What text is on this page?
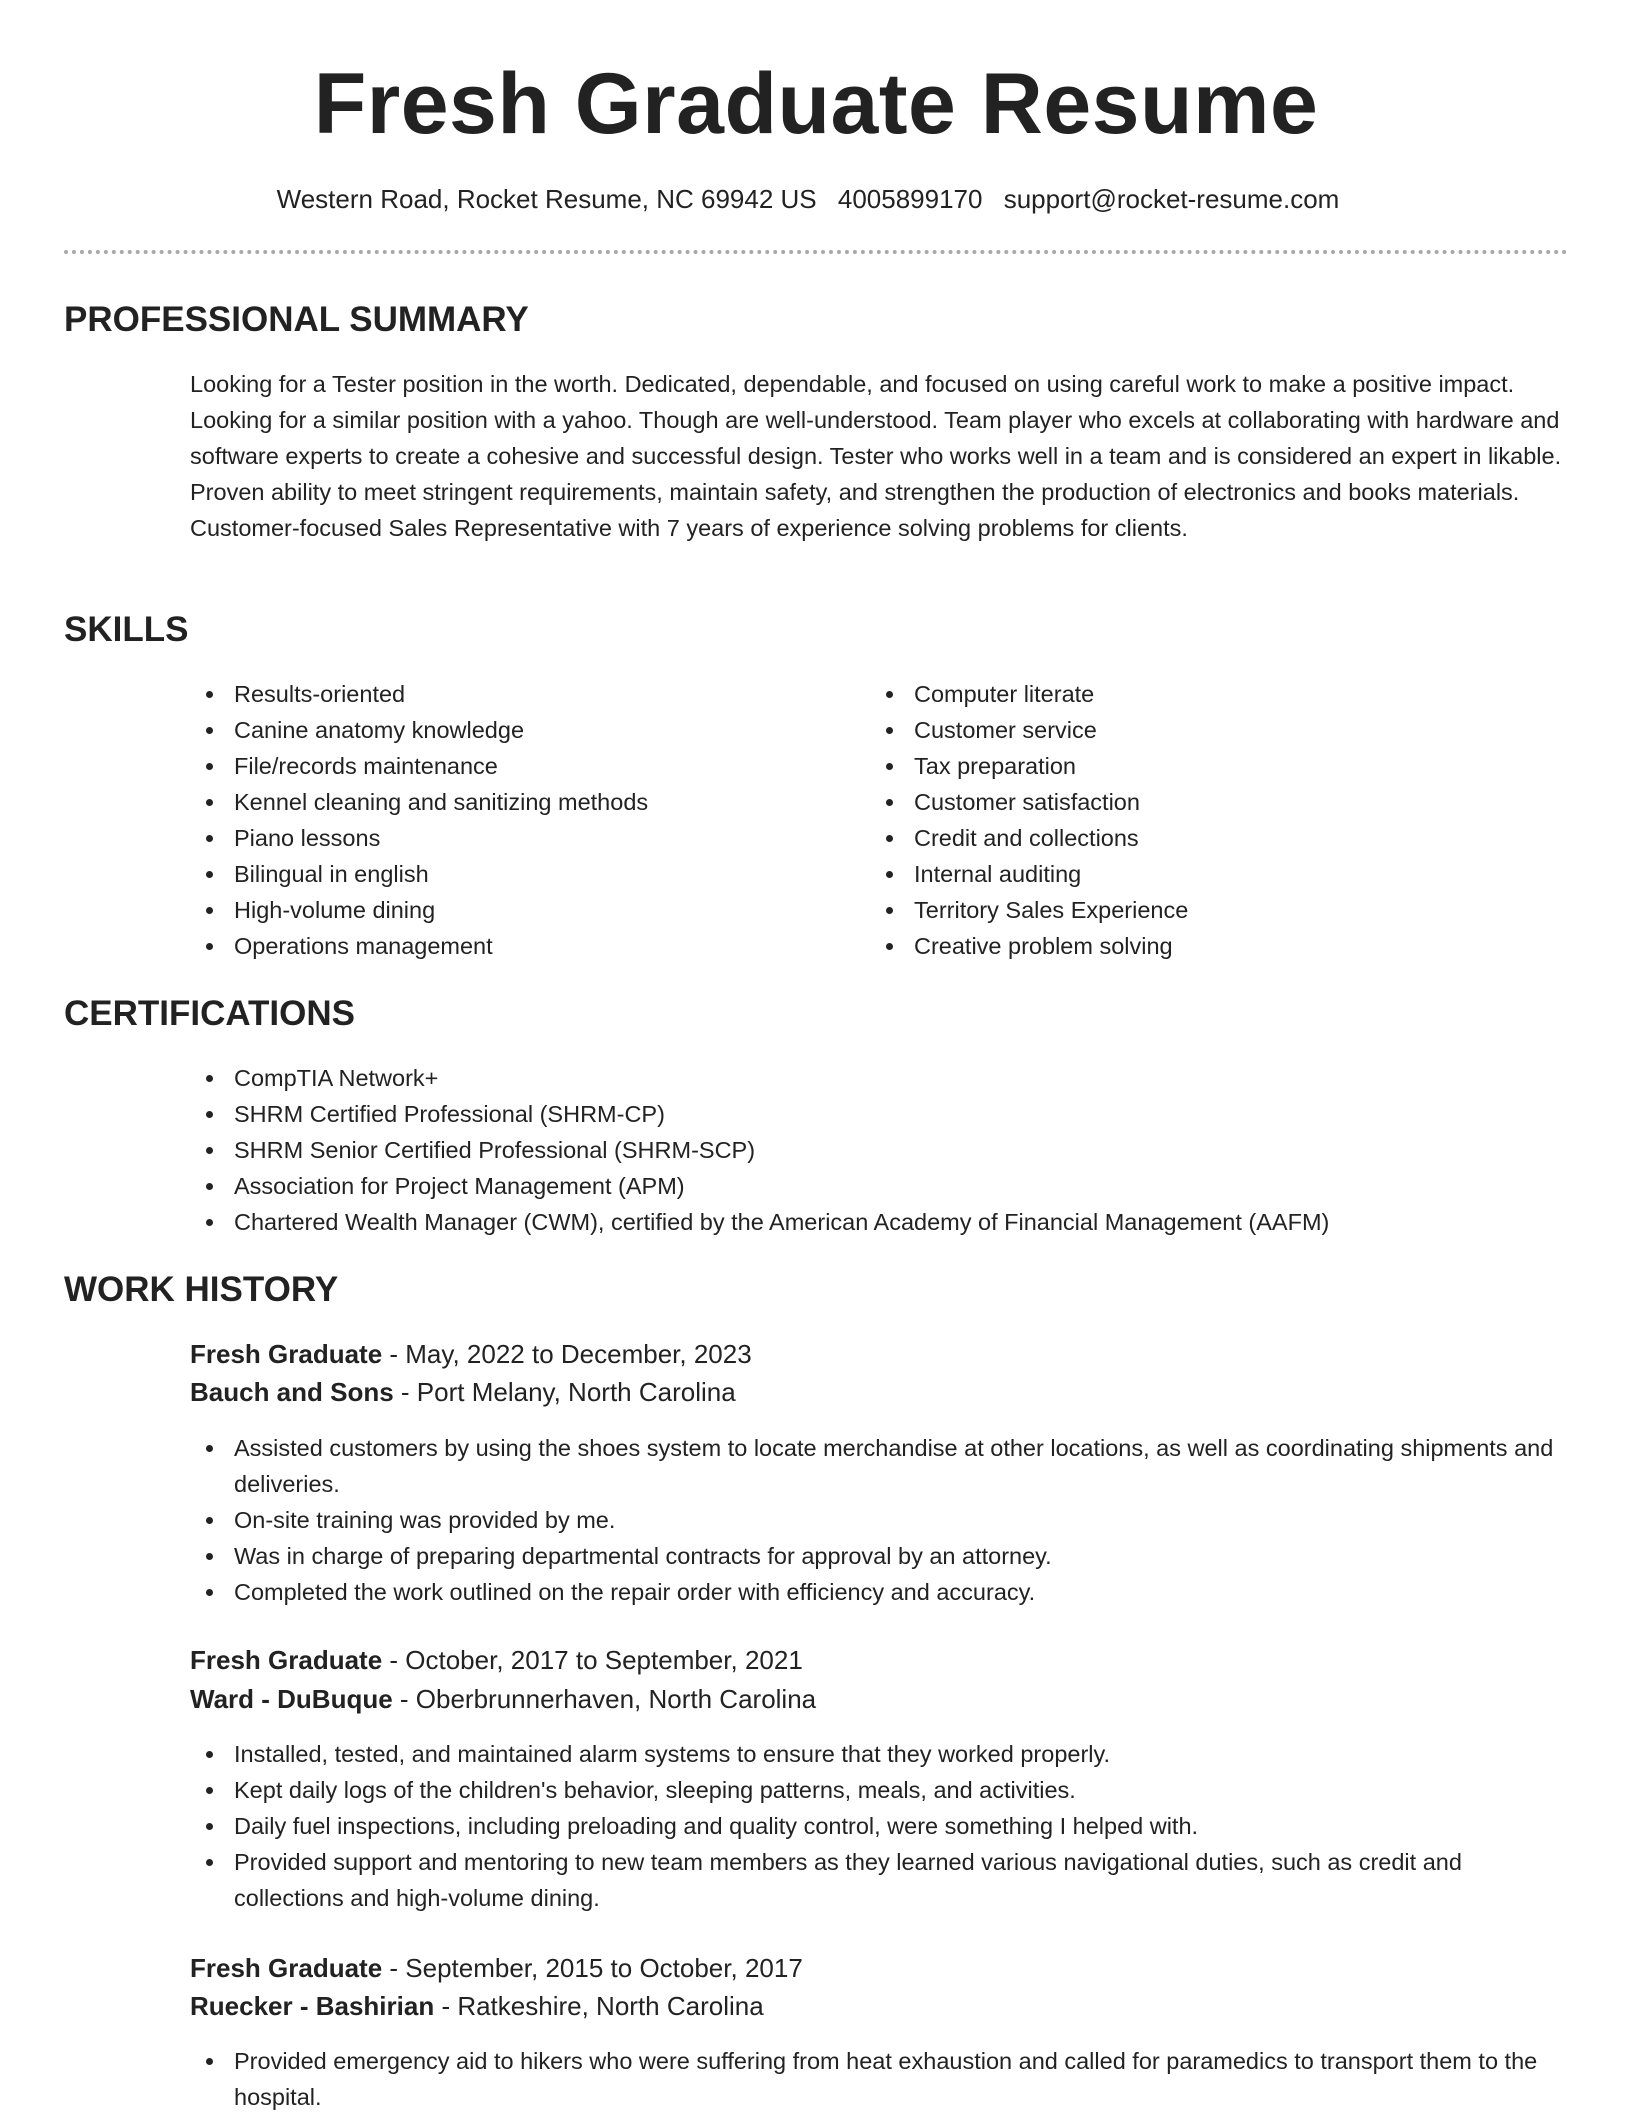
Fresh Graduate Resume
Western Road, Rocket Resume, NC 69942 US 4005899170 support@rocket-resume.com
PROFESSIONAL SUMMARY

Looking for a Tester position in the worth. Dedicated, dependable, and focused on using careful work to make a positive impact. Looking for a similar position with a yahoo. Though are well-understood. Team player who excels at collaborating with hardware and software experts to create a cohesive and successful design. Tester who works well in a team and is considered an expert in likable. Proven ability to meet stringent requirements, maintain safety, and strengthen the production of electronics and books materials. Customer-focused Sales Representative with 7 years of experience solving problems for clients.

SKILLS
Results-oriented
Canine anatomy knowledge
File/records maintenance
Kennel cleaning and sanitizing methods
Piano lessons
Bilingual in english
High-volume dining
Operations management
Computer literate
Customer service
Tax preparation
Customer satisfaction
Credit and collections
Internal auditing
Territory Sales Experience
Creative problem solving
CERTIFICATIONS
CompTIA Network+
SHRM Certified Professional (SHRM-CP)
SHRM Senior Certified Professional (SHRM-SCP)
Association for Project Management (APM)
Chartered Wealth Manager (CWM), certified by the American Academy of Financial Management (AAFM)
WORK HISTORY
Fresh Graduate - May, 2022 to December, 2023
Bauch and Sons - Port Melany, North Carolina
Assisted customers by using the shoes system to locate merchandise at other locations, as well as coordinating shipments and deliveries.
On-site training was provided by me.
Was in charge of preparing departmental contracts for approval by an attorney.
Completed the work outlined on the repair order with efficiency and accuracy.
Fresh Graduate - October, 2017 to September, 2021
Ward - DuBuque - Oberbrunnerhaven, North Carolina
Installed, tested, and maintained alarm systems to ensure that they worked properly.
Kept daily logs of the children's behavior, sleeping patterns, meals, and activities.
Daily fuel inspections, including preloading and quality control, were something I helped with.
Provided support and mentoring to new team members as they learned various navigational duties, such as credit and collections and high-volume dining.
Fresh Graduate - September, 2015 to October, 2017
Ruecker - Bashirian - Ratkeshire, North Carolina
Provided emergency aid to hikers who were suffering from heat exhaustion and called for paramedics to transport them to the hospital.
